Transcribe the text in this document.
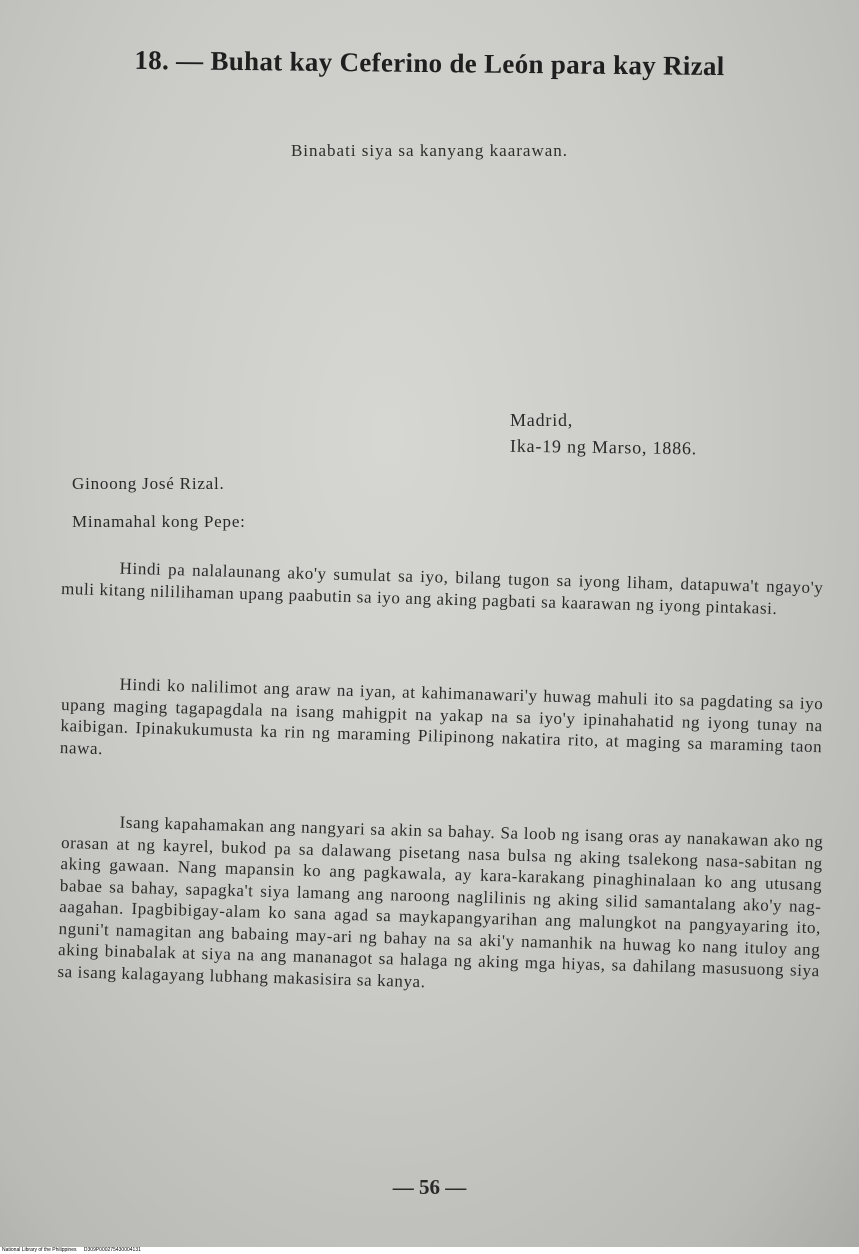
18. — Buhat kay Ceferino de León para kay Rizal
Binabati siya sa kanyang kaarawan.
Madrid,
Ika-19 ng Marso, 1886.
Ginoong José Rizal.
Minamahal kong Pepe:

Hindi pa nalalaunang ako'y sumulat sa iyo, bilang tugon sa iyong liham, datapuwa't ngayo'y muli kitang nililihaman upang paabutin sa iyo ang aking pagbati sa kaarawan ng iyong pintakasi.

Hindi ko nalilimot ang araw na iyan, at kahimanawari'y huwag mahuli ito sa pagdating sa iyo upang maging tagapagdala na isang mahigpit na yakap na sa iyo'y ipinahahatid ng iyong tunay na kaibigan. Ipinakukumusta ka rin ng maraming Pilipinong nakatira rito, at maging sa maraming taon nawa.

Isang kapahamakan ang nangyari sa akin sa bahay. Sa loob ng isang oras ay nanakawan ako ng orasan at ng kayrel, bukod pa sa dalawang pisetang nasa bulsa ng aking tsalekong nasa-sabitan ng aking gawaan. Nang mapansin ko ang pagkawala, ay kara-karakang pinaghinalaan ko ang utusang babae sa bahay, sapagka't siya lamang ang naroong naglilinis ng aking silid samantalang ako'y nag-aagahan. Ipagbibigay-alam ko sana agad sa maykapangyarihan ang malungkot na pangyayaring ito, nguni't namagitan ang babaing may-ari ng bahay na sa aki'y namanhik na huwag ko nang ituloy ang aking binabalak at siya na ang mananagot sa halaga ng aking mga hiyas, sa dahilang masusuong siya sa isang kalagayang lubhang makasisira sa kanya.

— 56 —
National Library of the Philippines D309P000275430004131
